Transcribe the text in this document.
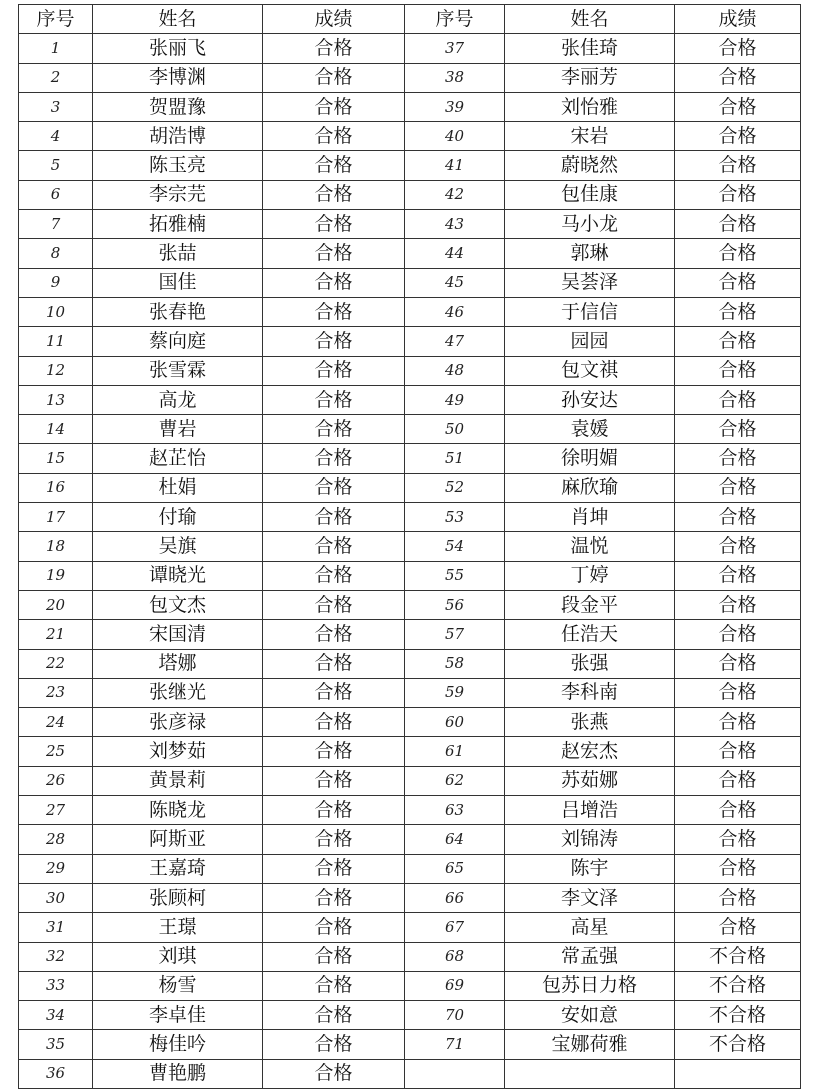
序号	姓名	成绩	序号	姓名	成绩
1	张丽飞	合格	37	张佳琦	合格
2	李博渊	合格	38	李丽芳	合格
3	贺盟豫	合格	39	刘怡雅	合格
4	胡浩博	合格	40	宋岩	合格
5	陈玉亮	合格	41	蔚晓然	合格
6	李宗芫	合格	42	包佳康	合格
7	拓雅楠	合格	43	马小龙	合格
8	张喆	合格	44	郭琳	合格
9	国佳	合格	45	吴荟泽	合格
10	张春艳	合格	46	于信信	合格
11	蔡向庭	合格	47	园园	合格
12	张雪霖	合格	48	包文祺	合格
13	高龙	合格	49	孙安达	合格
14	曹岩	合格	50	袁媛	合格
15	赵芷怡	合格	51	徐明媚	合格
16	杜娟	合格	52	麻欣瑜	合格
17	付瑜	合格	53	肖坤	合格
18	吴旗	合格	54	温悦	合格
19	谭晓光	合格	55	丁婷	合格
20	包文杰	合格	56	段金平	合格
21	宋国清	合格	57	任浩天	合格
22	塔娜	合格	58	张强	合格
23	张继光	合格	59	李科南	合格
24	张彦禄	合格	60	张燕	合格
25	刘梦茹	合格	61	赵宏杰	合格
26	黄景莉	合格	62	苏茹娜	合格
27	陈晓龙	合格	63	吕增浩	合格
28	阿斯亚	合格	64	刘锦涛	合格
29	王嘉琦	合格	65	陈宇	合格
30	张顾柯	合格	66	李文泽	合格
31	王璟	合格	67	高星	合格
32	刘琪	合格	68	常孟强	不合格
33	杨雪	合格	69	包苏日力格	不合格
34	李卓佳	合格	70	安如意	不合格
35	梅佳吟	合格	71	宝娜荷雅	不合格
36	曹艳鹏	合格			
